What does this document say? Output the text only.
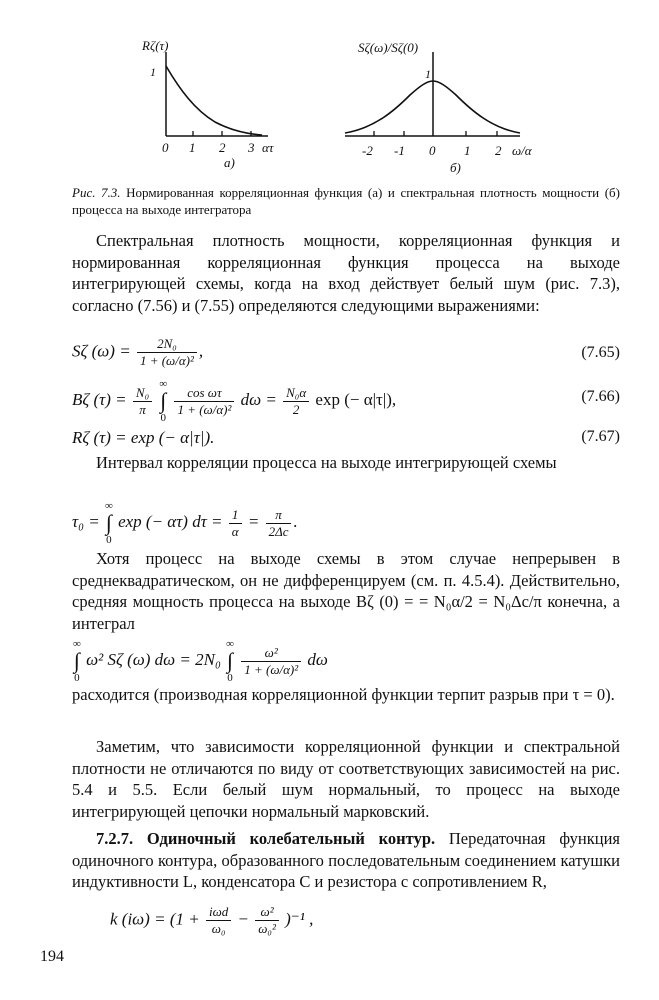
Rζ(τ)
1
0 1 2 3 ατ
а)
Sζ(ω)/Sζ(0)
1
-2 -1 0 1 2 ω/α
б)
Рис. 7.3. Нормированная корреляционная функция (а) и спектральная плотность мощности (б) процесса на выходе интегратора
Спектральная плотность мощности, корреляционная функция и нормированная корреляционная функция процесса на выходе интегрирующей схемы, когда на вход действует белый шум (рис. 7.3), согласно (7.56) и (7.55) определяются следующими выражениями:
Sζ $(\omega) = \frac{\text{2N₀}}{\text{1 + (ω/α)²}}$ ,	(7.65)
Bζ $(\tau) = \frac{\text{N₀}}{\pi}$

∞
∫
0

$\frac{\text{cos ωτ}}{\text{1 + (ω/α)²}}$ $d\omega = \frac{\text{N₀α}}{2}$ exp (− α|τ|),	(7.66)
Rζ (τ) = exp (− α|τ|).	(7.67)
Интервал корреляции процесса на выходе интегрирующей схемы
τ₀ =
∞
∫
0
exp (− ατ) $d\tau = \frac{1}{\alpha} = \frac{\pi}{2\Delta c}$ .
Хотя процесс на выходе схемы в этом случае непрерывен в среднеквадратическом, он не дифференцируем (см. п. 4.5.4). Действительно, средняя мощность процесса на выходе Bζ (0) = = N₀α/2 = N₀Δc/π конечна, а интеграл
∞
∫
0
ω² Sζ (ω) dω = 2N₀
∞
∫
0

$\frac{\text{ω²}}{\text{1 + (ω/α)²}}$ dω
расходится (производная корреляционной функции терпит разрыв при τ = 0).
Заметим, что зависимости корреляционной функции и спектральной плотности не отличаются по виду от соответствующих зависимостей на рис. 5.4 и 5.5. Если белый шум нормальный, то процесс на выходе интегрирующей цепочки нормальный марковский.
7.2.7. Одиночный колебательный контур. Передаточная функция одиночного контура, образованного последовательным соединением катушки индуктивности L, конденсатора C и резистора с сопротивлением R,
k $(i\omega) = (1 + \frac{\text{iωd}}{\text{ω₀}} - \frac{\text{ω²}}{\text{ω₀²}} )^{-1}$ ,
194
